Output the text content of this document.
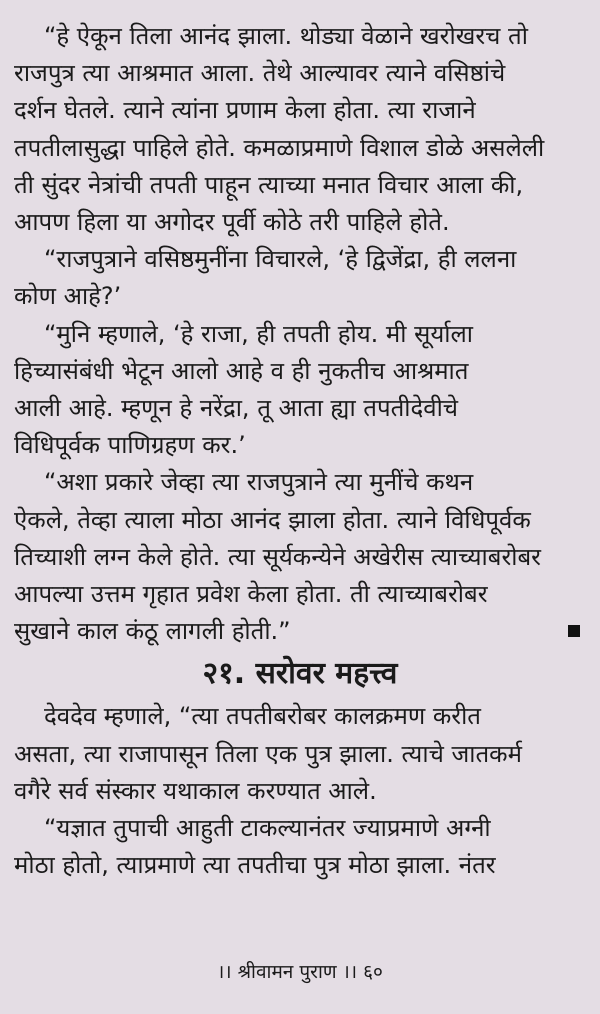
“हे ऐकून तिला आनंद झाला. थोड्या वेळाने खरोखरच तो

राजपुत्र त्या आश्रमात आला. तेथे आल्यावर त्याने वसिष्ठांचे

दर्शन घेतले. त्याने त्यांना प्रणाम केला होता. त्या राजाने

तपतीलासुद्धा पाहिले होते. कमळाप्रमाणे विशाल डोळे असलेली

ती सुंदर नेत्रांची तपती पाहून त्याच्या मनात विचार आला की,

आपण हिला या अगोदर पूर्वी कोठे तरी पाहिले होते.

“राजपुत्राने वसिष्ठमुनींना विचारले, ‘हे द्विजेंद्रा, ही ललना

कोण आहे?’

“मुनि म्हणाले, ‘हे राजा, ही तपती होय. मी सूर्याला

हिच्यासंबंधी भेटून आलो आहे व ही नुकतीच आश्रमात

आली आहे. म्हणून हे नरेंद्रा, तू आता ह्या तपतीदेवीचे

विधिपूर्वक पाणिग्रहण कर.’

“अशा प्रकारे जेव्हा त्या राजपुत्राने त्या मुनींचे कथन

ऐकले, तेव्हा त्याला मोठा आनंद झाला होता. त्याने विधिपूर्वक

तिच्याशी लग्न केले होते. त्या सूर्यकन्येने अखेरीस त्याच्याबरोबर

आपल्या उत्तम गृहात प्रवेश केला होता. ती त्याच्याबरोबर

सुखाने काल कंठू लागली होती.”

२१. सरोवर महत्त्व

देवदेव म्हणाले, “त्या तपतीबरोबर कालक्रमण करीत

असता, त्या राजापासून तिला एक पुत्र झाला. त्याचे जातकर्म

वगैरे सर्व संस्कार यथाकाल करण्यात आले.

“यज्ञात तुपाची आहुती टाकल्यानंतर ज्याप्रमाणे अग्नी

मोठा होतो, त्याप्रमाणे त्या तपतीचा पुत्र मोठा झाला. नंतर

।। श्रीवामन पुराण ।। ६०
